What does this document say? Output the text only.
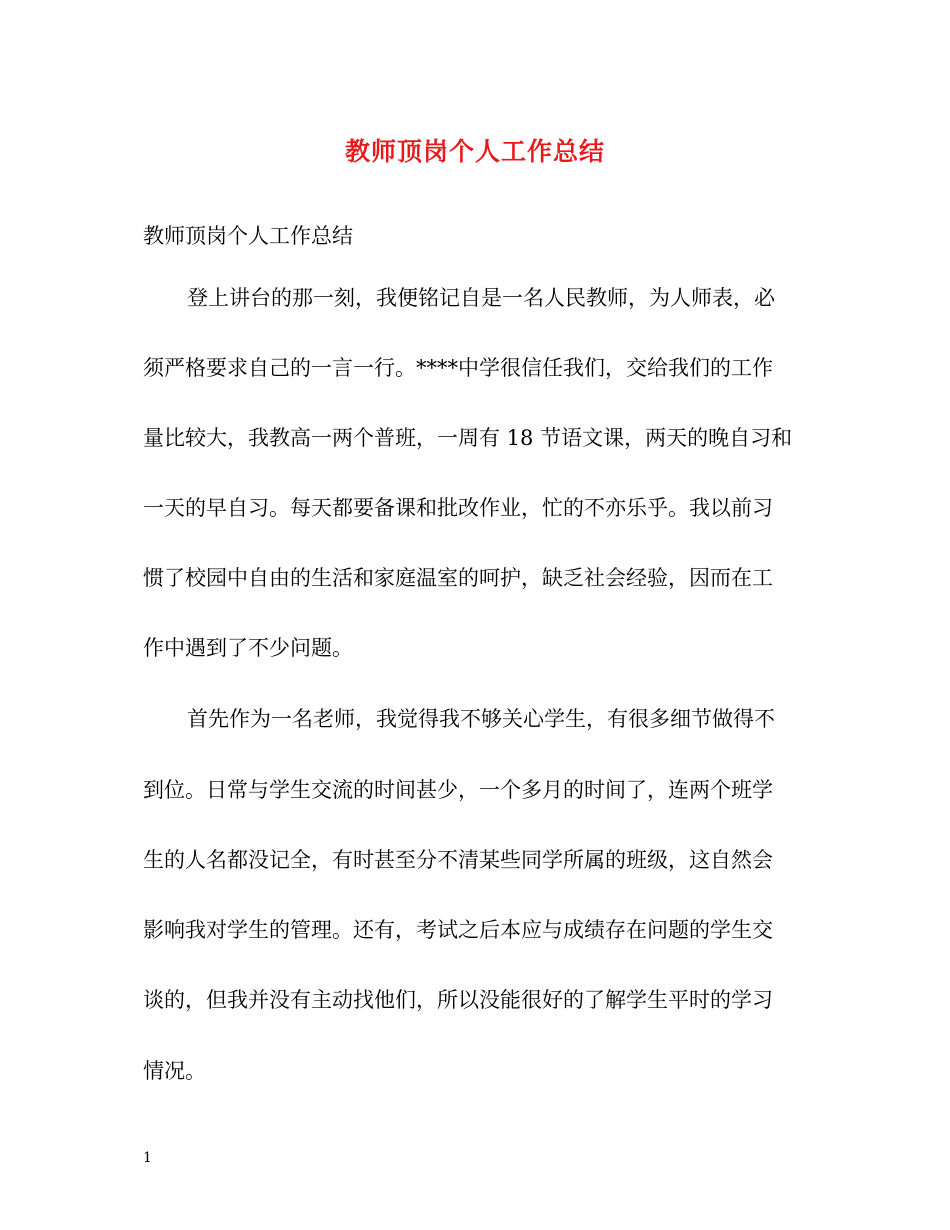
教师顶岗个人工作总结

教师顶岗个人工作总结

登上讲台的那一刻，我便铭记自是一名人民教师，为人师表，必

须严格要求自己的一言一行。****中学很信任我们，交给我们的工作

量比较大，我教高一两个普班，一周有 18 节语文课，两天的晚自习和

一天的早自习。每天都要备课和批改作业，忙的不亦乐乎。我以前习

惯了校园中自由的生活和家庭温室的呵护，缺乏社会经验，因而在工

作中遇到了不少问题。

首先作为一名老师，我觉得我不够关心学生，有很多细节做得不

到位。日常与学生交流的时间甚少，一个多月的时间了，连两个班学

生的人名都没记全，有时甚至分不清某些同学所属的班级，这自然会

影响我对学生的管理。还有，考试之后本应与成绩存在问题的学生交

谈的，但我并没有主动找他们，所以没能很好的了解学生平时的学习

情况。

1
